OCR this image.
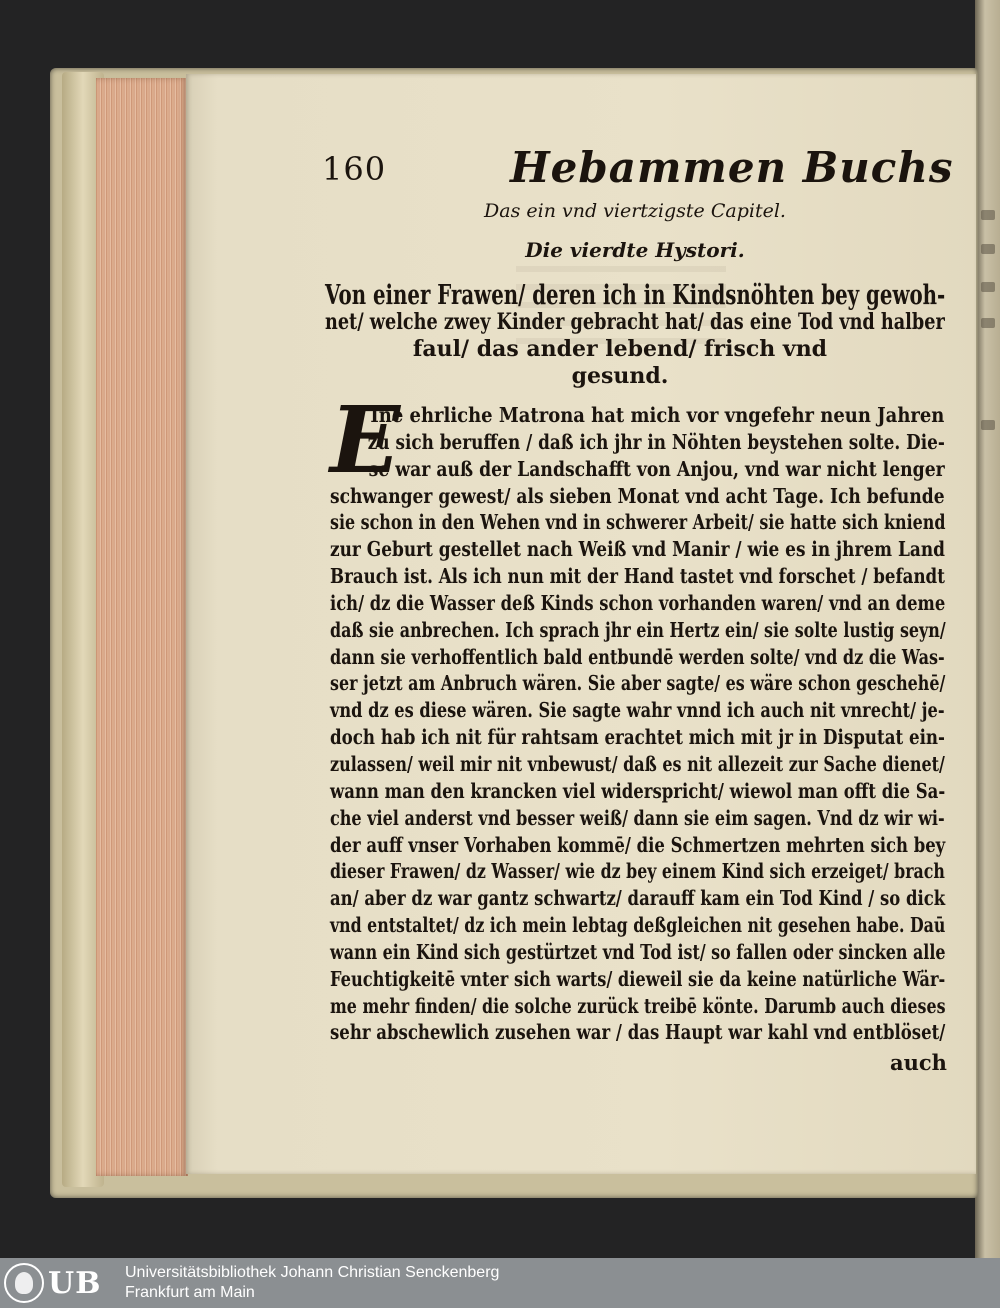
160	Hebammen Buchs
Das ein vnd viertzigste Capitel.
Die vierdte Hystori.
Von einer Frawen/ deren ich in Kindsnöhten bey gewoh-
net/ welche zwey Kinder gebracht hat/ das eine Tod vnd halber
faul/ das ander lebend/ frisch vnd
gesund.
E
Ine ehrliche Matrona hat mich vor vngefehr neun Jahren
zu sich beruffen / daß ich jhr in Nöhten beystehen solte. Die-
se war auß der Landschafft von Anjou, vnd war nicht lenger
schwanger gewest/ als sieben Monat vnd acht Tage. Ich befunde
sie schon in den Wehen vnd in schwerer Arbeit/ sie hatte sich kniend
zur Geburt gestellet nach Weiß vnd Manir / wie es in jhrem Land
Brauch ist. Als ich nun mit der Hand tastet vnd forschet / befandt
ich/ dz die Wasser deß Kinds schon vorhanden waren/ vnd an deme
daß sie anbrechen. Ich sprach jhr ein Hertz ein/ sie solte lustig seyn/
dann sie verhoffentlich bald entbundē werden solte/ vnd dz die Was-
ser jetzt am Anbruch wären. Sie aber sagte/ es wäre schon geschehē/
vnd dz es diese wären. Sie sagte wahr vnnd ich auch nit vnrecht/ je-
doch hab ich nit für rahtsam erachtet mich mit jr in Disputat ein-
zulassen/ weil mir nit vnbewust/ daß es nit allezeit zur Sache dienet/
wann man den krancken viel widerspricht/ wiewol man offt die Sa-
che viel anderst vnd besser weiß/ dann sie eim sagen. Vnd dz wir wi-
der auff vnser Vorhaben kommē/ die Schmertzen mehrten sich bey
dieser Frawen/ dz Wasser/ wie dz bey einem Kind sich erzeiget/ brach
an/ aber dz war gantz schwartz/ darauff kam ein Tod Kind / so dick
vnd entstaltet/ dz ich mein lebtag deßgleichen nit gesehen habe. Daū
wann ein Kind sich gestürtzet vnd Tod ist/ so fallen oder sincken alle
Feuchtigkeitē vnter sich warts/ dieweil sie da keine natürliche Wär-
me mehr finden/ die solche zurück treibē könte. Darumb auch dieses
sehr abschewlich zusehen war / das Haupt war kahl vnd entblöset/
auch
UB Universitätsbibliothek Johann Christian Senckenberg
Frankfurt am Main
